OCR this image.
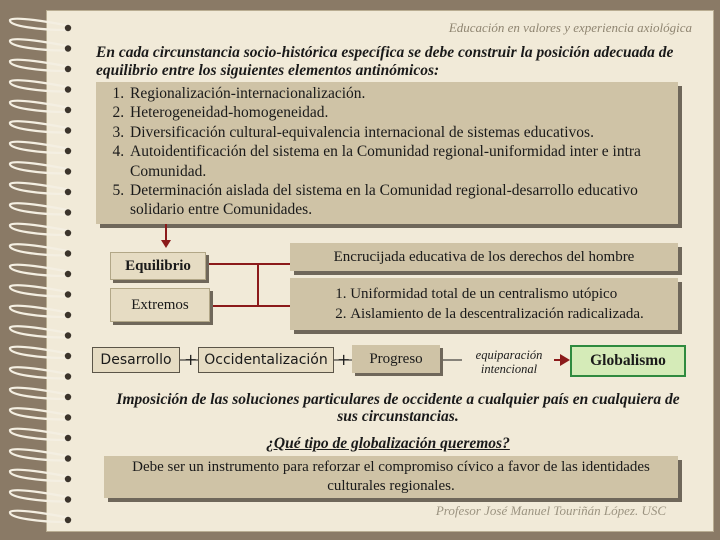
Educación en valores y experiencia axiológica
En cada circunstancia socio-histórica específica se debe construir la posición adecuada de equilibrio entre los siguientes elementos antinómicos:
1. Regionalización-internacionalización.
2. Heterogeneidad-homogeneidad.
3. Diversificación cultural-equivalencia internacional de sistemas educativos.
4. Autoidentificación del sistema en la Comunidad regional-uniformidad inter e intra Comunidad.
5. Determinación aislada del sistema en la Comunidad regional-desarrollo educativo solidario entre Comunidades.
Equilibrio
Encrucijada educativa de los derechos del hombre
Extremos
1. Uniformidad total de un centralismo utópico
2. Aislamiento de la descentralización radicalizada.
Desarrollo + Occidentalización +	Progreso	equiparación intencional	Globalismo
Imposición de las soluciones particulares de occidente a cualquier país en cualquiera de sus circunstancias.
¿Qué tipo de globalización queremos?
Debe ser un instrumento para reforzar el compromiso cívico a favor de las identidades culturales regionales.
Profesor José Manuel Touriñán López. USC
